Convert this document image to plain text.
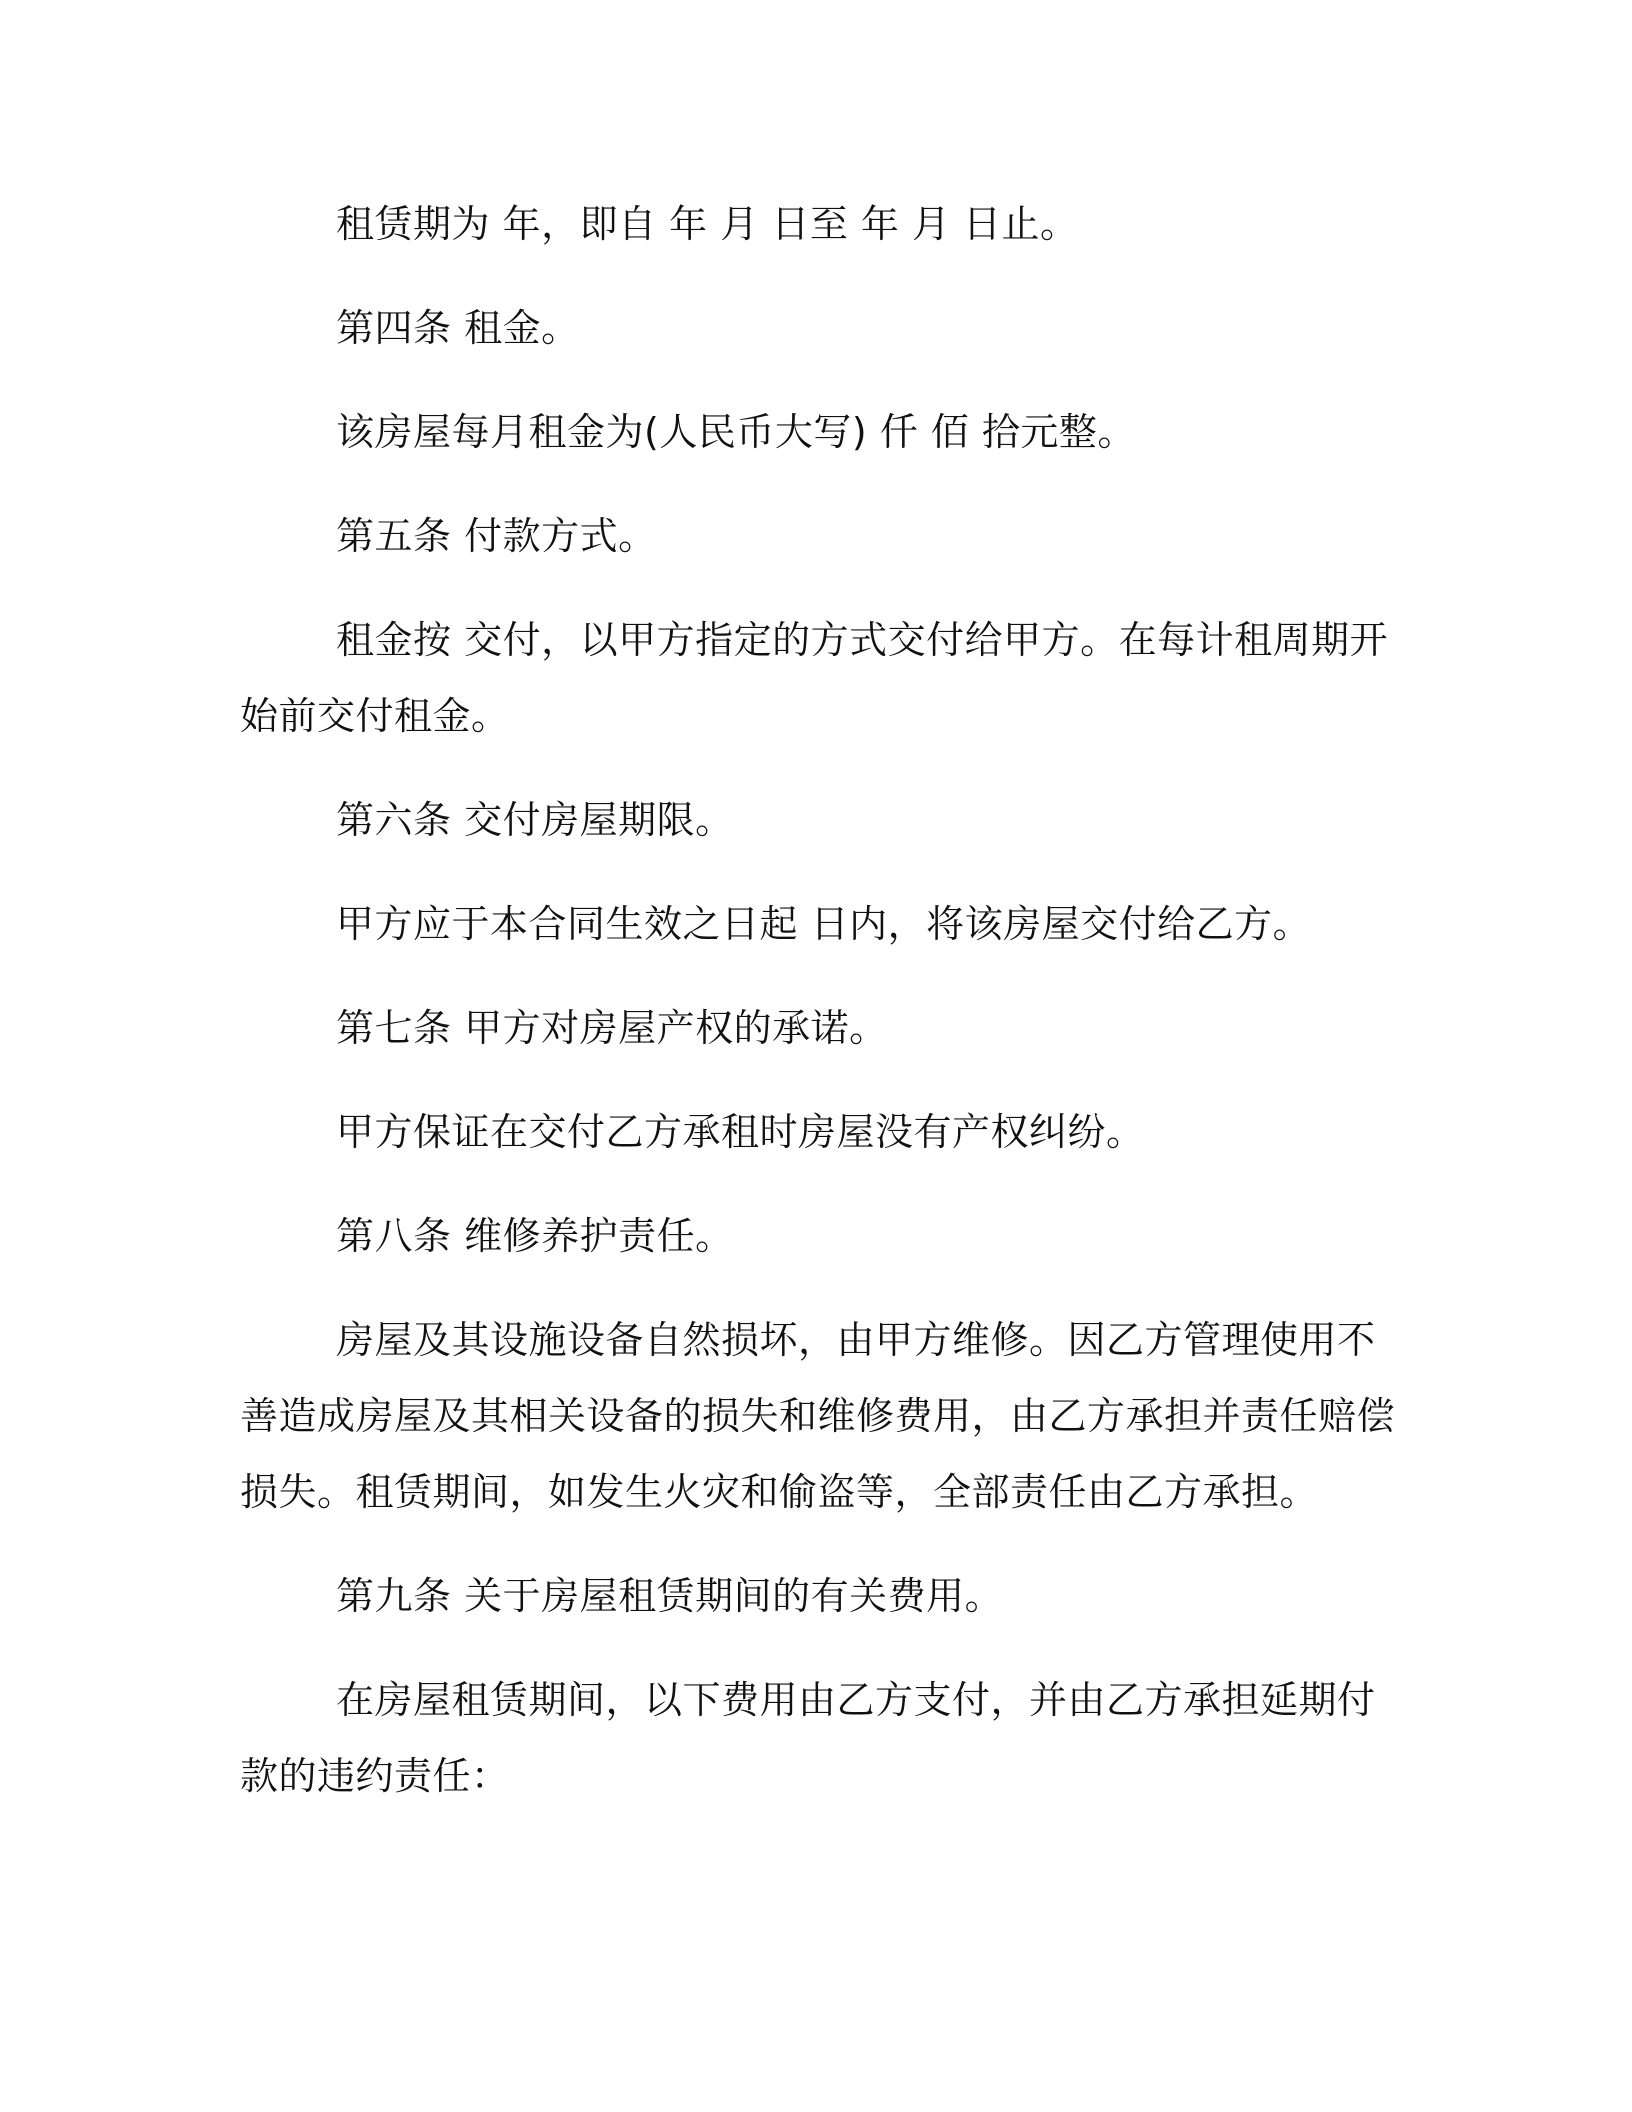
租赁期为 年，即自 年 月 日至 年 月 日止。

第四条 租金。

该房屋每月租金为(人民币大写) 仟 佰 拾元整。

第五条 付款方式。

租金按 交付，以甲方指定的方式交付给甲方。在每计租周期开始前交付租金。

第六条 交付房屋期限。

甲方应于本合同生效之日起 日内，将该房屋交付给乙方。

第七条 甲方对房屋产权的承诺。

甲方保证在交付乙方承租时房屋没有产权纠纷。

第八条 维修养护责任。

房屋及其设施设备自然损坏，由甲方维修。因乙方管理使用不善造成房屋及其相关设备的损失和维修费用，由乙方承担并责任赔偿损失。租赁期间，如发生火灾和偷盗等，全部责任由乙方承担。

第九条 关于房屋租赁期间的有关费用。

在房屋租赁期间，以下费用由乙方支付，并由乙方承担延期付款的违约责任：
